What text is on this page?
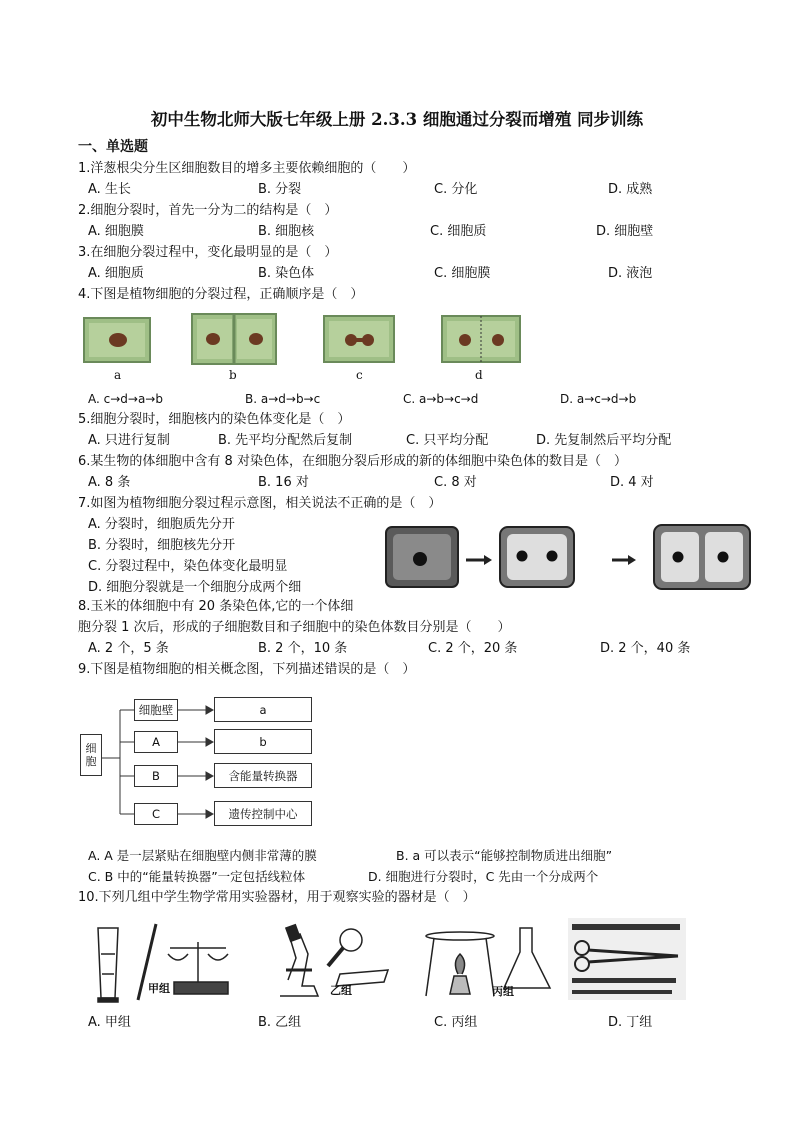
初中生物北师大版七年级上册 2.3.3 细胞通过分裂而增殖 同步训练
一、单选题
1.洋葱根尖分生区细胞数目的增多主要依赖细胞的（　　）
A. 生长	B. 分裂	C. 分化	D. 成熟
2.细胞分裂时，首先一分为二的结构是（　）
A. 细胞膜	B. 细胞核	C. 细胞质	D. 细胞壁
3.在细胞分裂过程中，变化最明显的是（　）
A. 细胞质	B. 染色体	C. 细胞膜	D. 液泡
4.下图是植物细胞的分裂过程，正确顺序是（　）
a	b	c	d
A. c→d→a→b	B. a→d→b→c	C. a→b→c→d	D. a→c→d→b
5.细胞分裂时，细胞核内的染色体变化是（　）
A. 只进行复制	B. 先平均分配然后复制	C. 只平均分配	D. 先复制然后平均分配
6.某生物的体细胞中含有 8 对染色体，在细胞分裂后形成的新的体细胞中染色体的数目是（　）
A. 8 条	B. 16 对	C. 8 对	D. 4 对
7.如图为植物细胞分裂过程示意图，相关说法不正确的是（　）
A. 分裂时，细胞质先分开
B. 分裂时，细胞核先分开
C. 分裂过程中，染色体变化最明显
D. 细胞分裂就是一个细胞分成两个细
8.玉米的体细胞中有 20 条染色体,它的一个体细
胞分裂 1 次后，形成的子细胞数目和子细胞中的染色体数目分别是（　　）
A. 2 个，5 条	B. 2 个，10 条	C. 2 个，20 条	D. 2 个，40 条
9.下图是植物细胞的相关概念图，下列描述错误的是（　）
细胞
细胞壁
A
B
C
a
b
含能量转换器
遗传控制中心
A. A 是一层紧贴在细胞壁内侧非常薄的膜	B. a 可以表示“能够控制物质进出细胞”
C. B 中的“能量转换器”一定包括线粒体	D. 细胞进行分裂时，C 先由一个分成两个
10.下列几组中学生物学常用实验器材，用于观察实验的器材是（　）
甲组	乙组	丙组
A. 甲组	B. 乙组	C. 丙组	D. 丁组
